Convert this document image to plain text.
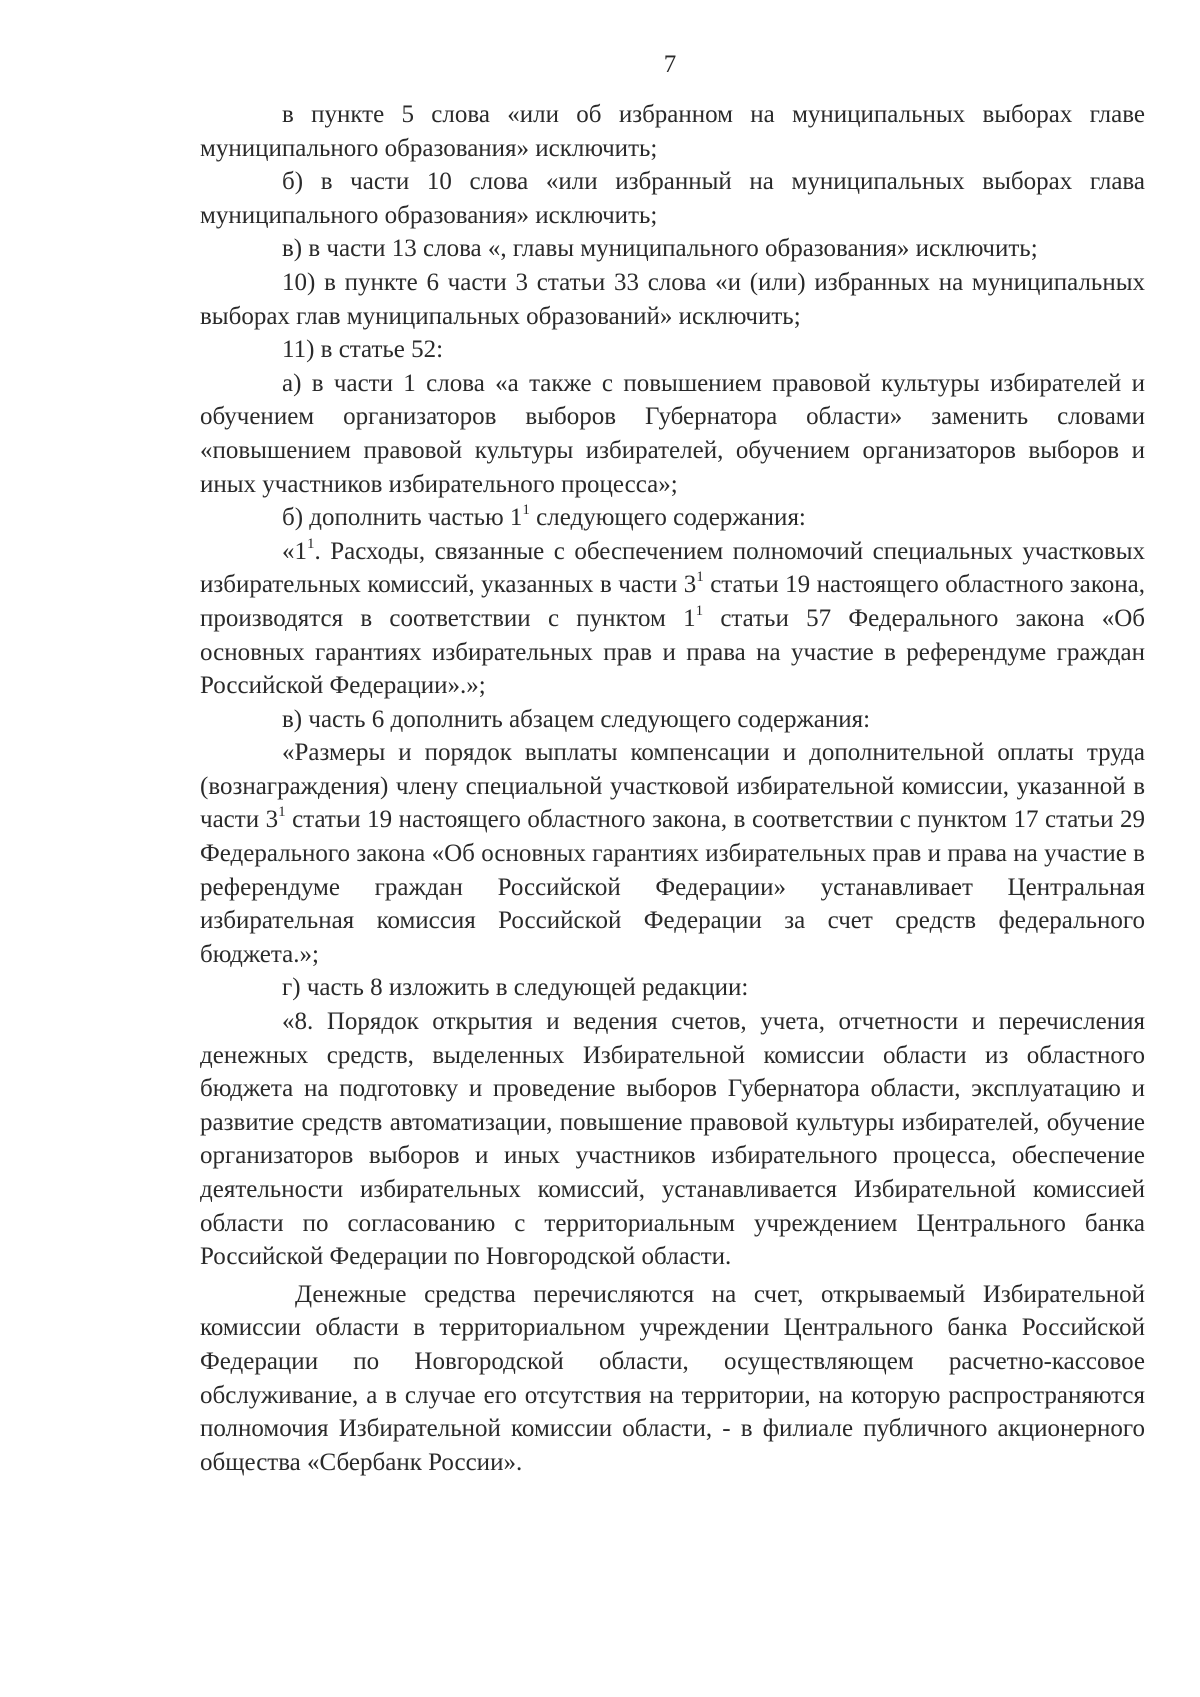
7

в пункте 5 слова «или об избранном на муниципальных выборах главе муниципального образования» исключить;

б) в части 10 слова «или избранный на муниципальных выборах глава муниципального образования» исключить;

в) в части 13 слова «, главы муниципального образования» исключить;

10) в пункте 6 части 3 статьи 33 слова «и (или) избранных на муниципальных выборах глав муниципальных образований» исключить;

11) в статье 52:

а) в части 1 слова «а также с повышением правовой культуры избирателей и обучением организаторов выборов Губернатора области» заменить словами «повышением правовой культуры избирателей, обучением организаторов выборов и иных участников избирательного процесса»;

б) дополнить частью $1^1$ следующего содержания:

«$1^1$. Расходы, связанные с обеспечением полномочий специальных участковых избирательных комиссий, указанных в части $3^1$ статьи 19 настоящего областного закона, производятся в соответствии с пунктом $1^1$ статьи 57 Федерального закона «Об основных гарантиях избирательных прав и права на участие в референдуме граждан Российской Федерации».»;

в) часть 6 дополнить абзацем следующего содержания:

«Размеры и порядок выплаты компенсации и дополнительной оплаты труда (вознаграждения) члену специальной участковой избирательной комиссии, указанной в части $3^1$ статьи 19 настоящего областного закона, в соответствии с пунктом 17 статьи 29 Федерального закона «Об основных гарантиях избирательных прав и права на участие в референдуме граждан Российской Федерации» устанавливает Центральная избирательная комиссия Российской Федерации за счет средств федерального бюджета.»;

г) часть 8 изложить в следующей редакции:

«8. Порядок открытия и ведения счетов, учета, отчетности и перечисления денежных средств, выделенных Избирательной комиссии области из областного бюджета на подготовку и проведение выборов Губернатора области, эксплуатацию и развитие средств автоматизации, повышение правовой культуры избирателей, обучение организаторов выборов и иных участников избирательного процесса, обеспечение деятельности избирательных комиссий, устанавливается Избирательной комиссией области по согласованию с территориальным учреждением Центрального банка Российской Федерации по Новгородской области.

Денежные средства перечисляются на счет, открываемый Избирательной комиссии области в территориальном учреждении Центрального банка Российской Федерации по Новгородской области, осуществляющем расчетно-кассовое обслуживание, а в случае его отсутствия на территории, на которую распространяются полномочия Избирательной комиссии области, - в филиале публичного акционерного общества «Сбербанк России».
